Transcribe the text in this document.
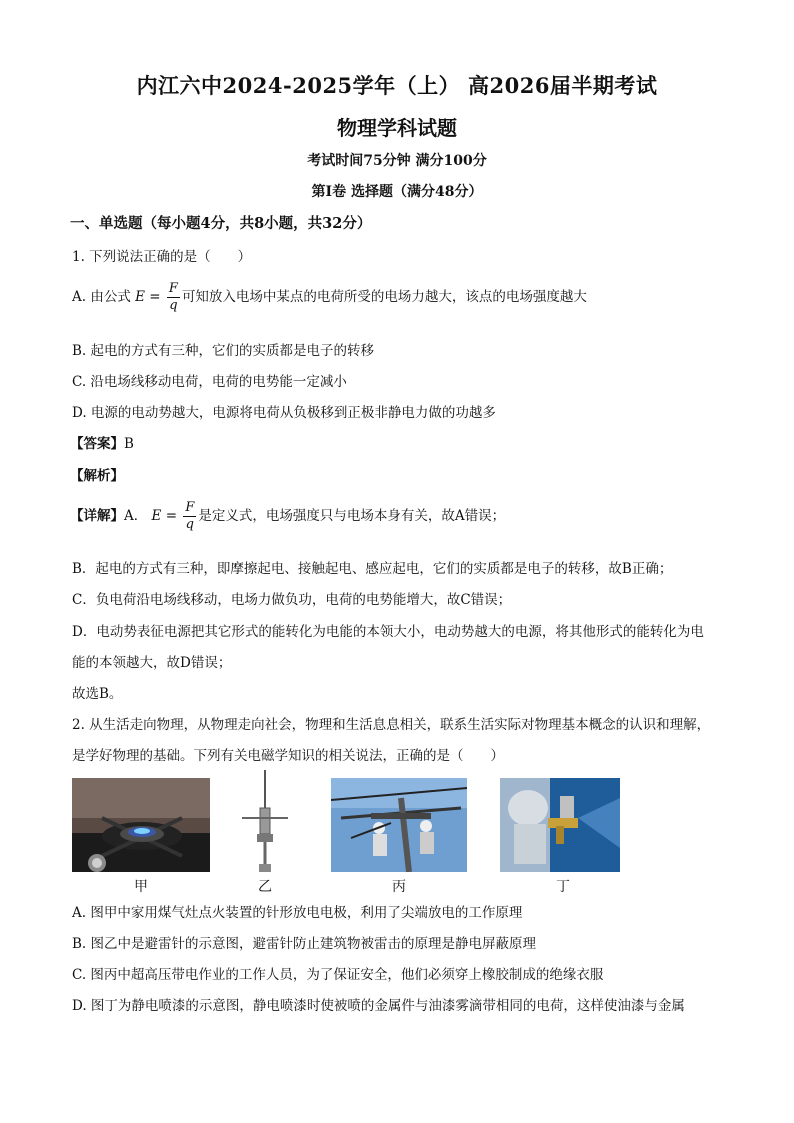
内江六中2024-2025学年（上） 高2026届半期考试
物理学科试题
考试时间75分钟 满分100分
第Ⅰ卷 选择题（满分48分）
一、单选题（每小题4分，共8小题，共32分）
1. 下列说法正确的是（　　）
A. 由公式 $E = \frac{F}{q}$ 可知放入电场中某点的电荷所受的电场力越大，该点的电场强度越大
B. 起电的方式有三种，它们的实质都是电子的转移
C. 沿电场线移动电荷，电荷的电势能一定减小
D. 电源的电动势越大，电源将电荷从负极移到正极非静电力做的功越多
【答案】B
【解析】
【详解】A． $E = \frac{F}{q}$ 是定义式，电场强度只与电场本身有关，故A错误；
B．起电的方式有三种，即摩擦起电、接触起电、感应起电，它们的实质都是电子的转移，故B正确；
C．负电荷沿电场线移动，电场力做负功，电荷的电势能增大，故C错误；
D．电动势表征电源把其它形式的能转化为电能的本领大小，电动势越大的电源，将其他形式的能转化为电
能的本领越大，故D错误；
故选B。
2. 从生活走向物理，从物理走向社会，物理和生活息息相关，联系生活实际对物理基本概念的认识和理解，
是学好物理的基础。下列有关电磁学知识的相关说法，正确的是（　　）
甲	乙	丙	丁
A. 图甲中家用煤气灶点火装置的针形放电电极，利用了尖端放电的工作原理
B. 图乙中是避雷针的示意图，避雷针防止建筑物被雷击的原理是静电屏蔽原理
C. 图丙中超高压带电作业的工作人员，为了保证安全，他们必须穿上橡胶制成的绝缘衣服
D. 图丁为静电喷漆的示意图，静电喷漆时使被喷的金属件与油漆雾滴带相同的电荷，这样使油漆与金属
